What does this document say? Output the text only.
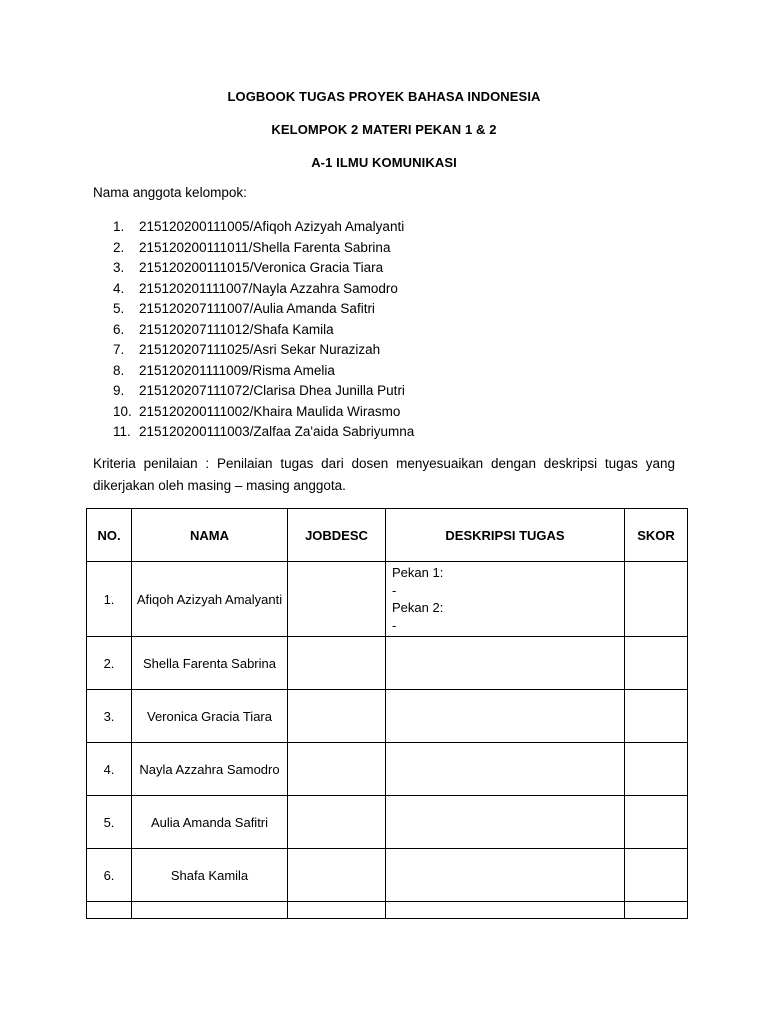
LOGBOOK TUGAS PROYEK BAHASA INDONESIA
KELOMPOK 2 MATERI PEKAN 1 & 2
A-1 ILMU KOMUNIKASI
Nama anggota kelompok:
1. 215120200111005/Afiqoh Azizyah Amalyanti
2. 215120200111011/Shella Farenta Sabrina
3. 215120200111015/Veronica Gracia Tiara
4. 215120201111007/Nayla Azzahra Samodro
5. 215120207111007/Aulia Amanda Safitri
6. 215120207111012/Shafa Kamila
7. 215120207111025/Asri Sekar Nurazizah
8. 215120201111009/Risma Amelia
9. 215120207111072/Clarisa Dhea Junilla Putri
10. 215120200111002/Khaira Maulida Wirasmo
11. 215120200111003/Zalfaa Za'aida Sabriyumna
Kriteria penilaian : Penilaian tugas dari dosen menyesuaikan dengan deskripsi tugas yang dikerjakan oleh masing – masing anggota.
NO.	NAMA	JOBDESC	DESKRIPSI TUGAS	SKOR
1.	Afiqoh Azizyah Amalyanti		Pekan 1:
-
Pekan 2:
-	

2.	Shella Farenta Sabrina			
3.	Veronica Gracia Tiara			
4.	Nayla Azzahra Samodro			
5.	Aulia Amanda Safitri			
6.	Shafa Kamila			
